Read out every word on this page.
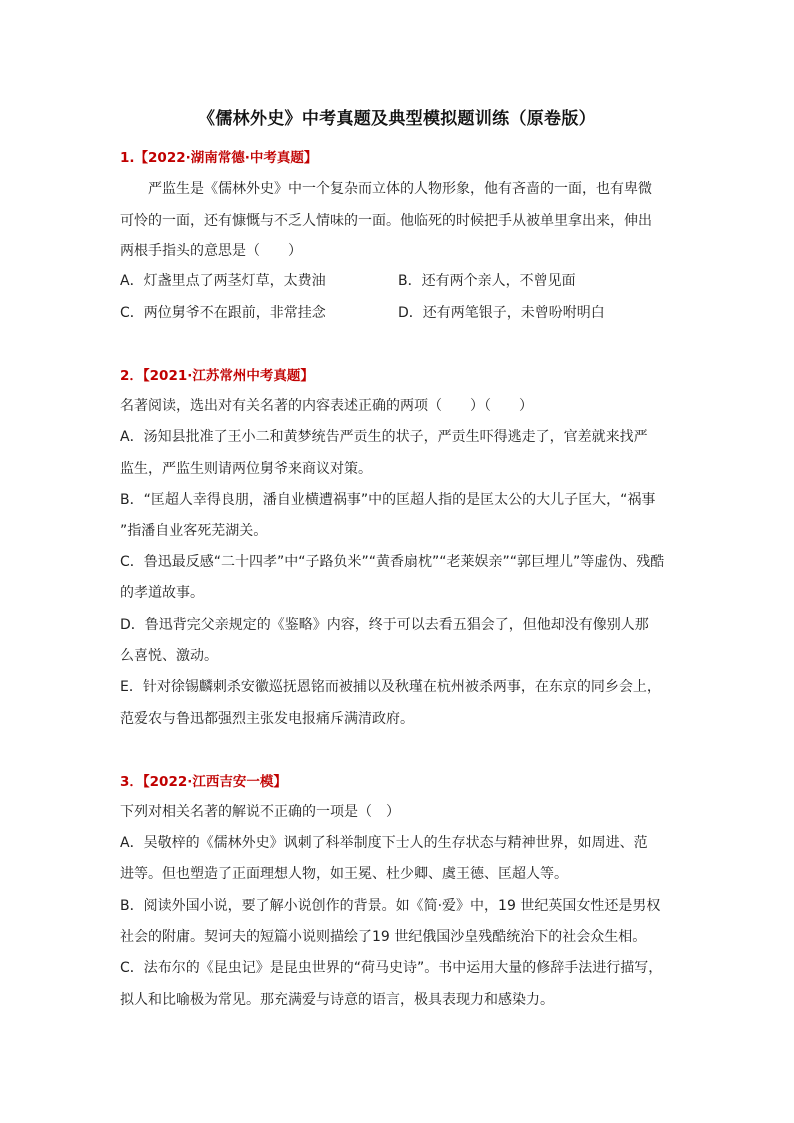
《儒林外史》中考真题及典型模拟题训练（原卷版）
1.【2022·湖南常德·中考真题】
　　严监生是《儒林外史》中一个复杂而立体的人物形象，他有吝啬的一面，也有卑微
可怜的一面，还有慷慨与不乏人情味的一面。他临死的时候把手从被单里拿出来，伸出
两根手指头的意思是（　　）
A．灯盏里点了两茎灯草，太费油	B．还有两个亲人，不曾见面
C．两位舅爷不在跟前，非常挂念	D．还有两笔银子，未曾吩咐明白
2．【2021·江苏常州中考真题】
名著阅读，选出对有关名著的内容表述正确的两项（　　）（　　）
A．汤知县批准了王小二和黄梦统告严贡生的状子，严贡生吓得逃走了，官差就来找严
监生，严监生则请两位舅爷来商议对策。
B．“匡超人幸得良朋，潘自业横遭祸事”中的匡超人指的是匡太公的大儿子匡大，“祸事
”指潘自业客死芜湖关。
C．鲁迅最反感“二十四孝”中“子路负米”“黄香扇枕”“老莱娱亲”“郭巨埋儿”等虚伪、残酷
的孝道故事。
D．鲁迅背完父亲规定的《鉴略》内容，终于可以去看五猖会了，但他却没有像别人那
么喜悦、激动。
E．针对徐锡麟刺杀安徽巡抚恩铭而被捕以及秋瑾在杭州被杀两事，在东京的同乡会上，
范爱农与鲁迅都强烈主张发电报痛斥满清政府。
3．【2022·江西吉安一模】
下列对相关名著的解说不正确的一项是（　）
A．吴敬梓的《儒林外史》讽刺了科举制度下士人的生存状态与精神世界，如周进、范
进等。但也塑造了正面理想人物，如王冕、杜少卿、虞王德、匡超人等。
B．阅读外国小说，要了解小说创作的背景。如《简·爱》中，19 世纪英国女性还是男权
社会的附庸。契诃夫的短篇小说则描绘了19 世纪俄国沙皇残酷统治下的社会众生相。
C．法布尔的《昆虫记》是昆虫世界的“荷马史诗”。书中运用大量的修辞手法进行描写，
拟人和比喻极为常见。那充满爱与诗意的语言，极具表现力和感染力。
